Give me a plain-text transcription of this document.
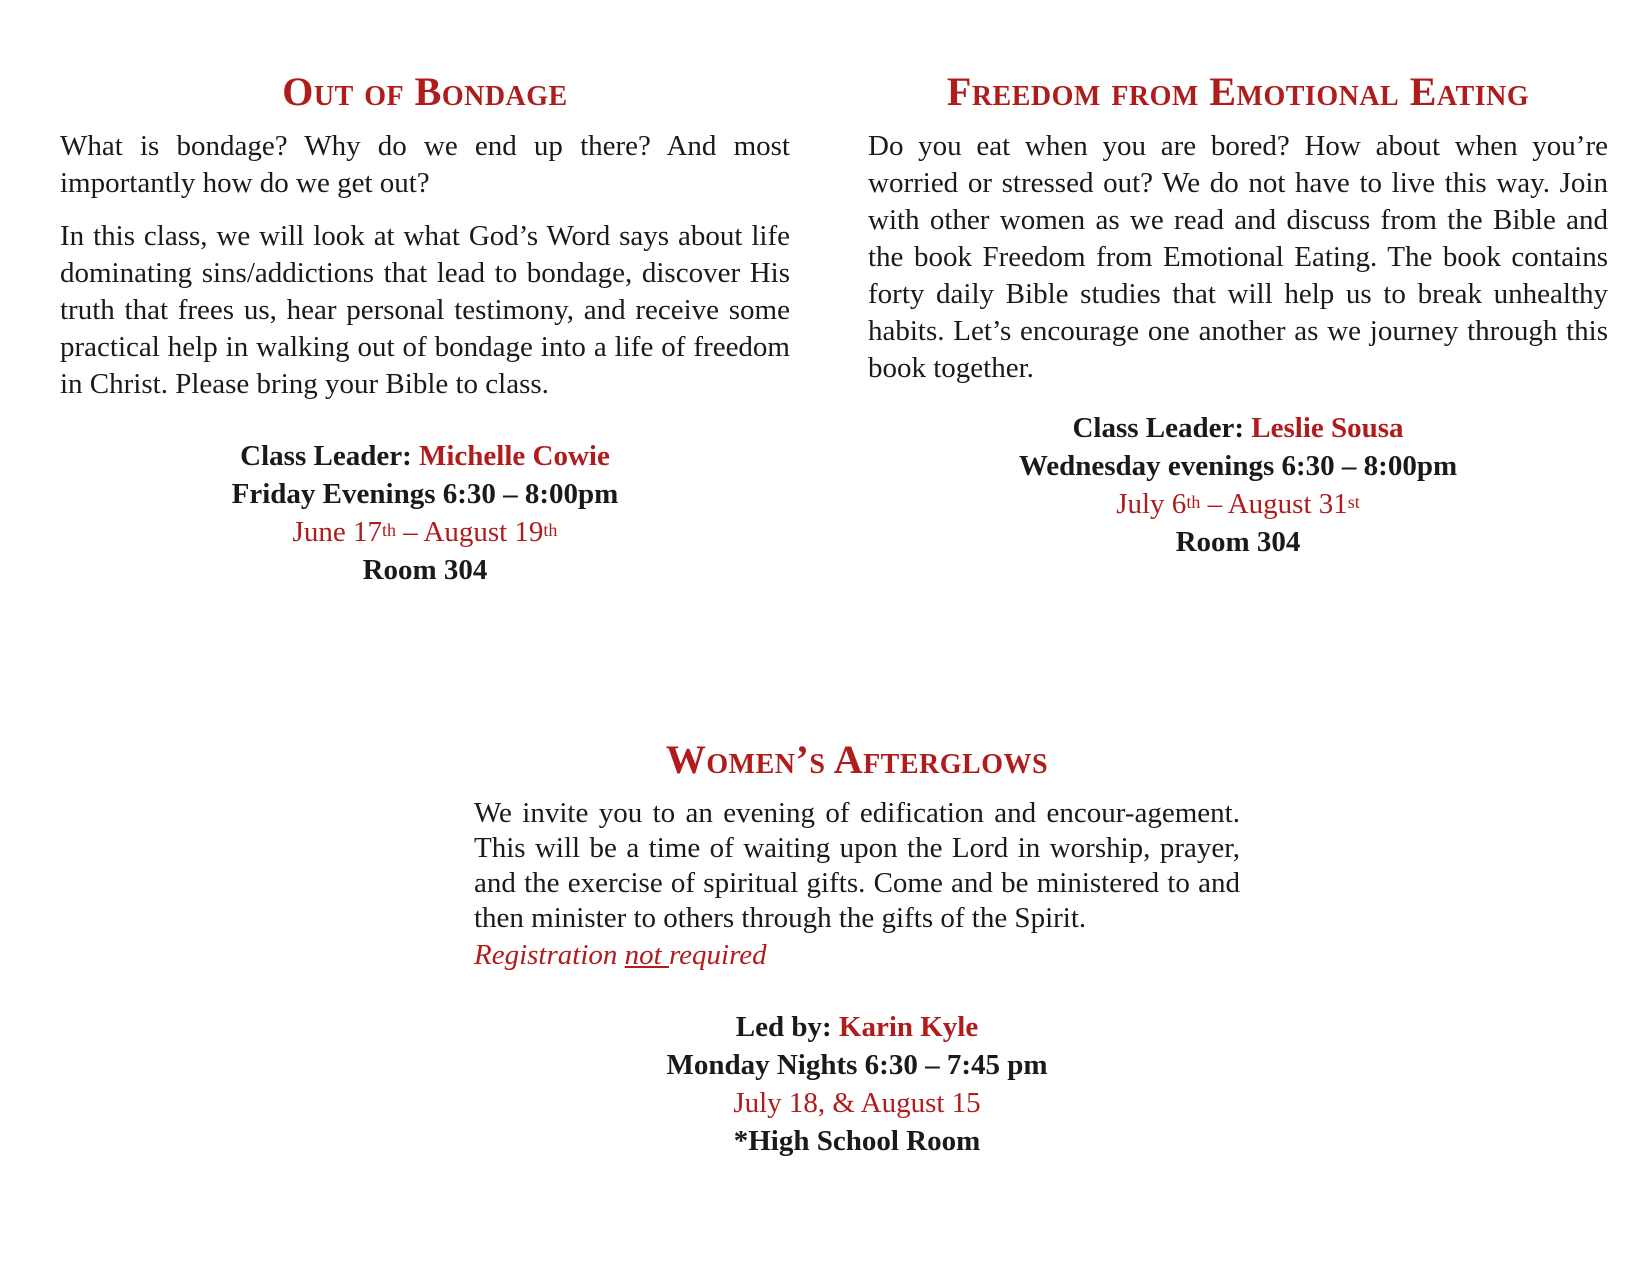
Out of Bondage

What is bondage? Why do we end up there? And most importantly how do we get out?

In this class, we will look at what God’s Word says about life dominating sins/addictions that lead to bondage, discover His truth that frees us, hear personal testimony, and receive some practical help in walking out of bondage into a life of freedom in Christ. Please bring your Bible to class.

Class Leader: Michelle Cowie
Friday Evenings 6:30 – 8:00pm
June 17th – August 19th
Room 304
Freedom from Emotional Eating

Do you eat when you are bored? How about when you’re worried or stressed out? We do not have to live this way. Join with other women as we read and discuss from the Bible and the book Freedom from Emotional Eating. The book contains forty daily Bible studies that will help us to break unhealthy habits. Let’s encourage one another as we journey through this book together.

Class Leader: Leslie Sousa
Wednesday evenings 6:30 – 8:00pm
July 6th – August 31st
Room 304
Women’s Afterglows

We invite you to an evening of edification and encour-agement. This will be a time of waiting upon the Lord in worship, prayer, and the exercise of spiritual gifts. Come and be ministered to and then minister to others through the gifts of the Spirit.

Registration not required

Led by: Karin Kyle
Monday Nights 6:30 – 7:45 pm
July 18, & August 15
*High School Room
